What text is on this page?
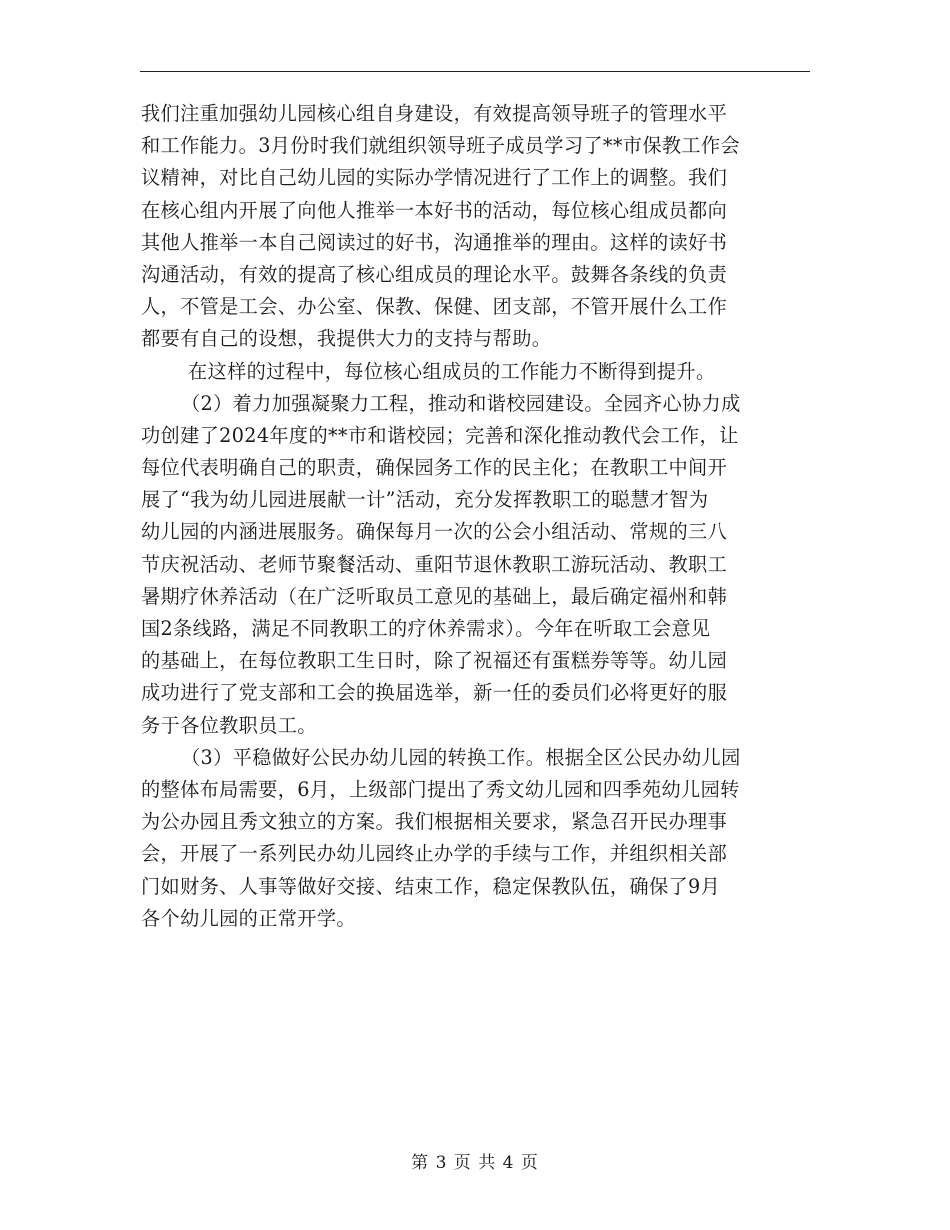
我们注重加强幼儿园核心组自身建设，有效提高领导班子的管理水平
和工作能力。3月份时我们就组织领导班子成员学习了**市保教工作会
议精神，对比自己幼儿园的实际办学情况进行了工作上的调整。我们
在核心组内开展了向他人推举一本好书的活动，每位核心组成员都向
其他人推举一本自己阅读过的好书，沟通推举的理由。这样的读好书
沟通活动，有效的提高了核心组成员的理论水平。鼓舞各条线的负责
人，不管是工会、办公室、保教、保健、团支部，不管开展什么工作
都要有自己的设想，我提供大力的支持与帮助。
在这样的过程中，每位核心组成员的工作能力不断得到提升。
（2）着力加强凝聚力工程，推动和谐校园建设。全园齐心协力成
功创建了2024年度的**市和谐校园；完善和深化推动教代会工作，让
每位代表明确自己的职责，确保园务工作的民主化；在教职工中间开
展了“我为幼儿园进展献一计”活动，充分发挥教职工的聪慧才智为
幼儿园的内涵进展服务。确保每月一次的公会小组活动、常规的三八
节庆祝活动、老师节聚餐活动、重阳节退休教职工游玩活动、教职工
暑期疗休养活动（在广泛听取员工意见的基础上，最后确定福州和韩
国2条线路，满足不同教职工的疗休养需求）。今年在听取工会意见
的基础上，在每位教职工生日时，除了祝福还有蛋糕券等等。幼儿园
成功进行了党支部和工会的换届选举，新一任的委员们必将更好的服
务于各位教职员工。
（3）平稳做好公民办幼儿园的转换工作。根据全区公民办幼儿园
的整体布局需要，6月，上级部门提出了秀文幼儿园和四季苑幼儿园转
为公办园且秀文独立的方案。我们根据相关要求，紧急召开民办理事
会，开展了一系列民办幼儿园终止办学的手续与工作，并组织相关部
门如财务、人事等做好交接、结束工作，稳定保教队伍，确保了9月
各个幼儿园的正常开学。
第 3 页 共 4 页
